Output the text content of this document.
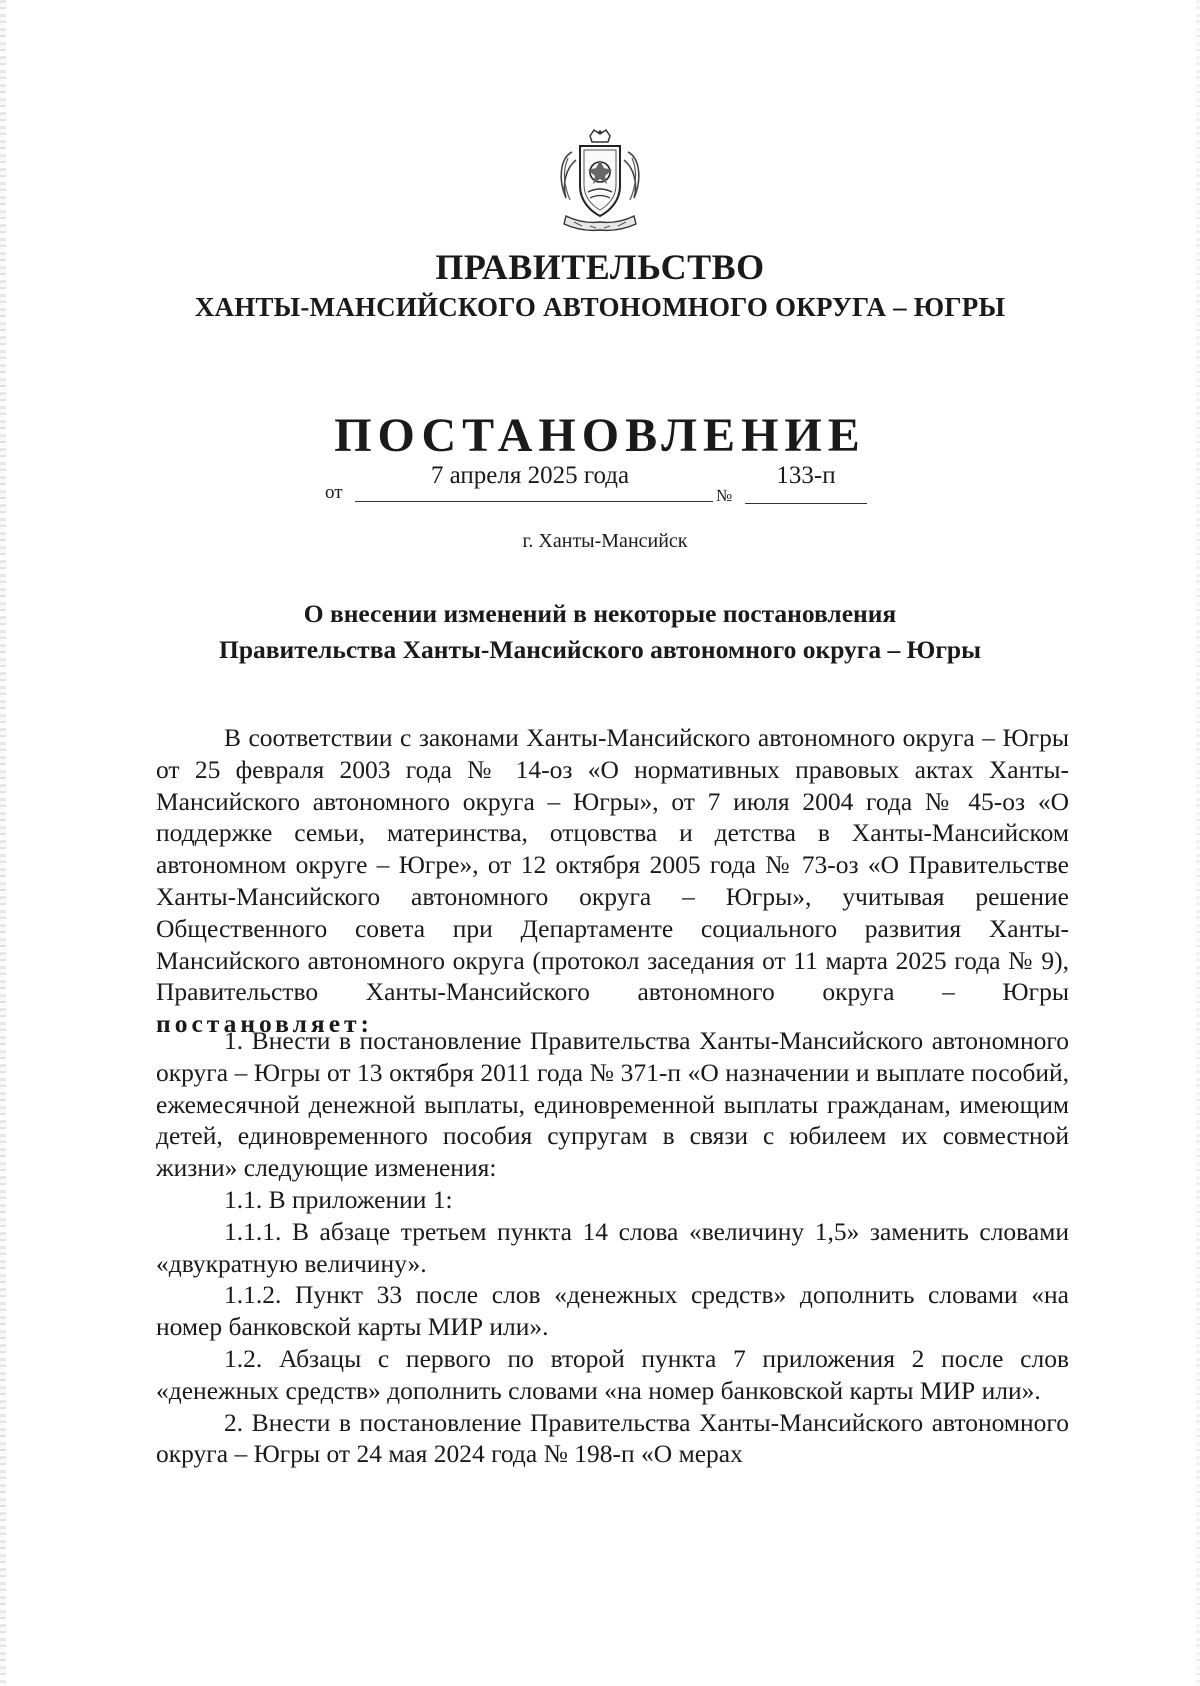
ПРАВИТЕЛЬСТВО
ХАНТЫ-МАНСИЙСКОГО АВТОНОМНОГО ОКРУГА – ЮГРЫ
ПОСТАНОВЛЕНИЕ
от
7 апреля 2025 года
№
133-п
г. Ханты-Мансийск
О внесении изменений в некоторые постановления
Правительства Ханты-Мансийского автономного округа – Югры

В соответствии с законами Ханты-Мансийского автономного округа – Югры от 25 февраля 2003 года № 14-оз «О нормативных правовых актах Ханты-Мансийского автономного округа – Югры», от 7 июля 2004 года № 45-оз «О поддержке семьи, материнства, отцовства и детства в Ханты-Мансийском автономном округе – Югре», от 12 октября 2005 года № 73-оз «О Правительстве Ханты-Мансийского автономного округа – Югры», учитывая решение Общественного совета при Департаменте социального развития Ханты-Мансийского автономного округа (протокол заседания от 11 марта 2025 года № 9), Правительство Ханты-Мансийского автономного округа – Югры постановляет:

1. Внести в постановление Правительства Ханты-Мансийского автономного округа – Югры от 13 октября 2011 года № 371-п «О назначении и выплате пособий, ежемесячной денежной выплаты, единовременной выплаты гражданам, имеющим детей, единовременного пособия супругам в связи с юбилеем их совместной жизни» следующие изменения:

1.1. В приложении 1:

1.1.1. В абзаце третьем пункта 14 слова «величину 1,5» заменить словами «двукратную величину».

1.1.2. Пункт 33 после слов «денежных средств» дополнить словами «на номер банковской карты МИР или».

1.2. Абзацы с первого по второй пункта 7 приложения 2 после слов «денежных средств» дополнить словами «на номер банковской карты МИР или».

2. Внести в постановление Правительства Ханты-Мансийского автономного округа – Югры от 24 мая 2024 года № 198-п «О мерах
